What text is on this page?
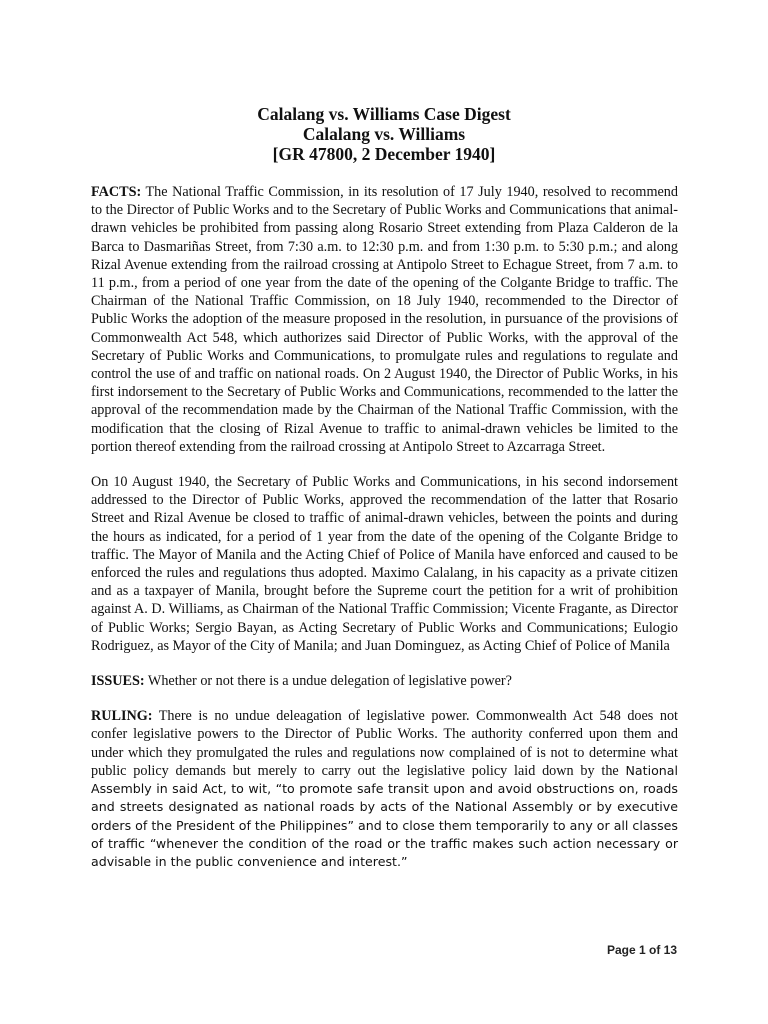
Calalang vs. Williams Case Digest
Calalang vs. Williams
[GR 47800, 2 December 1940]

FACTS: The National Traffic Commission, in its resolution of 17 July 1940, resolved to recommend to the Director of Public Works and to the Secretary of Public Works and Communications that animal-drawn vehicles be prohibited from passing along Rosario Street extending from Plaza Calderon de la Barca to Dasmariñas Street, from 7:30 a.m. to 12:30 p.m. and from 1:30 p.m. to 5:30 p.m.; and along Rizal Avenue extending from the railroad crossing at Antipolo Street to Echague Street, from 7 a.m. to 11 p.m., from a period of one year from the date of the opening of the Colgante Bridge to traffic. The Chairman of the National Traffic Commission, on 18 July 1940, recommended to the Director of Public Works the adoption of the measure proposed in the resolution, in pursuance of the provisions of Commonwealth Act 548, which authorizes said Director of Public Works, with the approval of the Secretary of Public Works and Communications, to promulgate rules and regulations to regulate and control the use of and traffic on national roads. On 2 August 1940, the Director of Public Works, in his first indorsement to the Secretary of Public Works and Communications, recommended to the latter the approval of the recommendation made by the Chairman of the National Traffic Commission, with the modification that the closing of Rizal Avenue to traffic to animal-drawn vehicles be limited to the portion thereof extending from the railroad crossing at Antipolo Street to Azcarraga Street.

On 10 August 1940, the Secretary of Public Works and Communications, in his second indorsement addressed to the Director of Public Works, approved the recommendation of the latter that Rosario Street and Rizal Avenue be closed to traffic of animal-drawn vehicles, between the points and during the hours as indicated, for a period of 1 year from the date of the opening of the Colgante Bridge to traffic. The Mayor of Manila and the Acting Chief of Police of Manila have enforced and caused to be enforced the rules and regulations thus adopted. Maximo Calalang, in his capacity as a private citizen and as a taxpayer of Manila, brought before the Supreme court the petition for a writ of prohibition against A. D. Williams, as Chairman of the National Traffic Commission; Vicente Fragante, as Director of Public Works; Sergio Bayan, as Acting Secretary of Public Works and Communications; Eulogio Rodriguez, as Mayor of the City of Manila; and Juan Dominguez, as Acting Chief of Police of Manila

ISSUES: Whether or not there is a undue delegation of legislative power?

RULING: There is no undue deleagation of legislative power. Commonwealth Act 548 does not confer legislative powers to the Director of Public Works. The authority conferred upon them and under which they promulgated the rules and regulations now complained of is not to determine what public policy demands but merely to carry out the legislative policy laid down by the National Assembly in said Act, to wit, “to promote safe transit upon and avoid obstructions on, roads and streets designated as national roads by acts of the National Assembly or by executive orders of the President of the Philippines” and to close them temporarily to any or all classes of traffic “whenever the condition of the road or the traffic makes such action necessary or advisable in the public convenience and interest.”

Page 1 of 13
